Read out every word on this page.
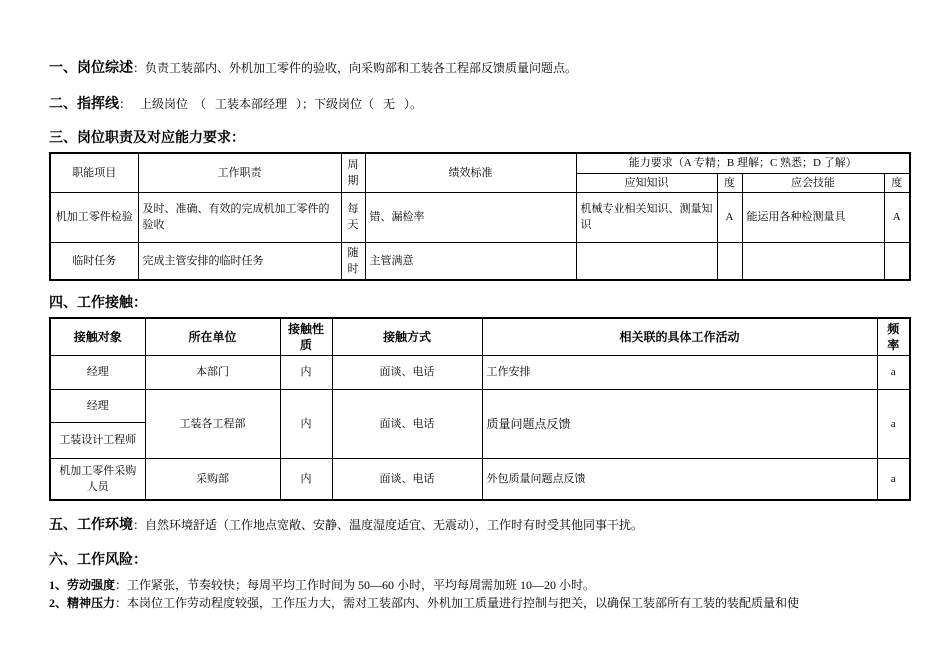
一、岗位综述：负责工装部内、外机加工零件的验收，向采购部和工装各工程部反馈质量问题点。
二、指挥线：   上级岗位  （   工装本部经理   ）；下级岗位（   无   ）。
三、岗位职责及对应能力要求：
职能项目	工作职责	周期	绩效标准	能力要求（A 专精；B 理解；C 熟悉；D 了解）			
				应知知识	度	应会技能	度
机加工零件检验	及时、准确、有效的完成机加工零件的验收	每天	错、漏检率	机械专业相关知识、测量知识	A	能运用各种检测量具	A
临时任务	完成主管安排的临时任务	随时	主管满意				
四、工作接触：
接触对象	所在单位	接触性质	接触方式	相关联的具体工作活动	频率
经理	本部门	内	面谈、电话	工作安排	a
经理	工装各工程部	内	面谈、电话	质量问题点反馈	a
工装设计工程师					
机加工零件采购人员	采购部	内	面谈、电话	外包质量问题点反馈	a
五、工作环境：自然环境舒适（工作地点宽敞、安静、温度湿度适宜、无震动），工作时有时受其他同事干扰。
六、工作风险：
1、劳动强度：工作紧张，节奏较快；每周平均工作时间为 50—60 小时，平均每周需加班 10—20 小时。
2、精神压力：本岗位工作劳动程度较强，工作压力大，需对工装部内、外机加工质量进行控制与把关，以确保工装部所有工装的装配质量和使
